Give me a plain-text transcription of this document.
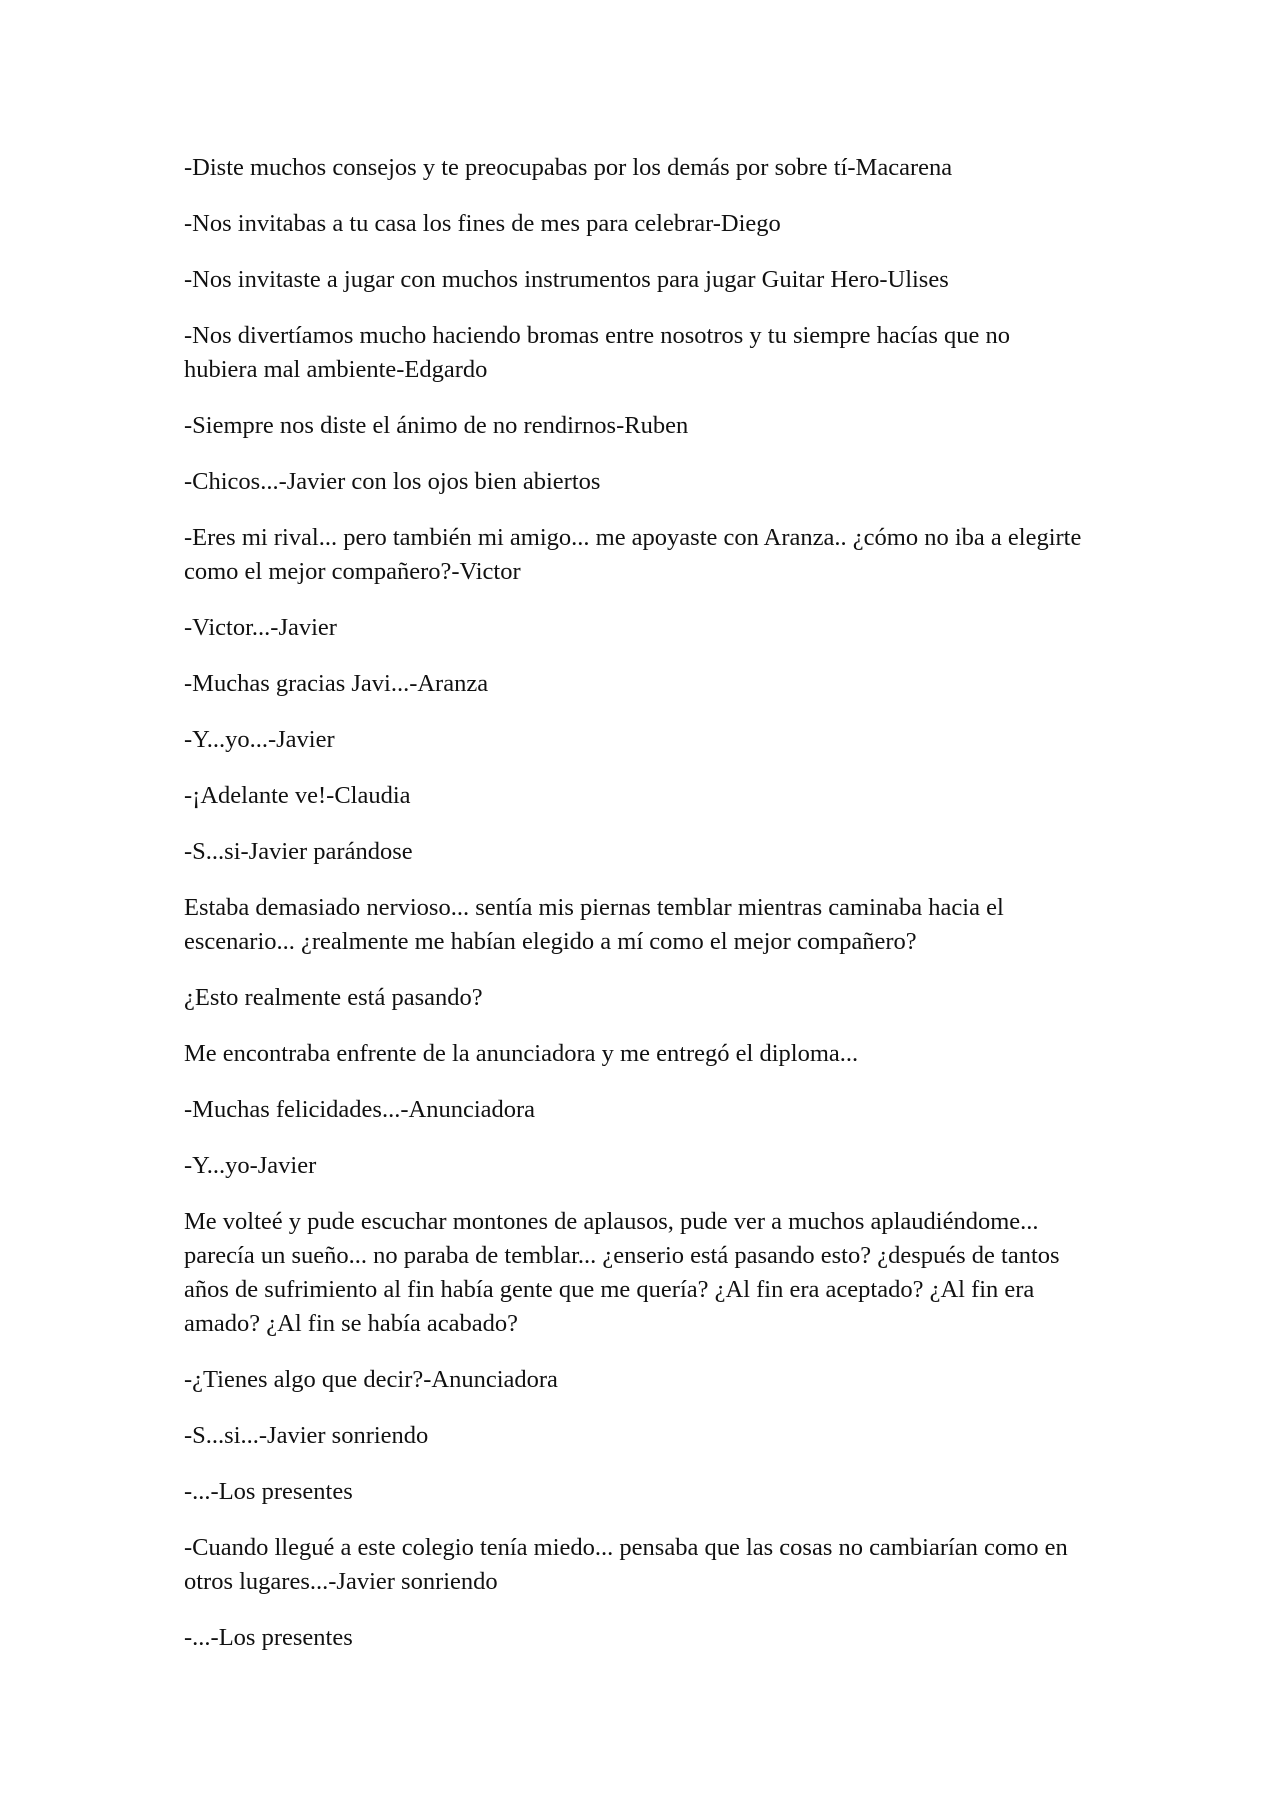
-Diste muchos consejos y te preocupabas por los demás por sobre tí-Macarena

-Nos invitabas a tu casa los fines de mes para celebrar-Diego

-Nos invitaste a jugar con muchos instrumentos para jugar Guitar Hero-Ulises

-Nos divertíamos mucho haciendo bromas entre nosotros y tu siempre hacías que no hubiera mal ambiente-Edgardo

-Siempre nos diste el ánimo de no rendirnos-Ruben

-Chicos...-Javier con los ojos bien abiertos

-Eres mi rival... pero también mi amigo... me apoyaste con Aranza.. ¿cómo no iba a elegirte como el mejor compañero?-Victor

-Victor...-Javier

-Muchas gracias Javi...-Aranza

-Y...yo...-Javier

-¡Adelante ve!-Claudia

-S...si-Javier parándose

Estaba demasiado nervioso... sentía mis piernas temblar mientras caminaba hacia el escenario... ¿realmente me habían elegido a mí como el mejor compañero?

¿Esto realmente está pasando?

Me encontraba enfrente de la anunciadora y me entregó el diploma...

-Muchas felicidades...-Anunciadora

-Y...yo-Javier

Me volteé y pude escuchar montones de aplausos, pude ver a muchos aplaudiéndome... parecía un sueño... no paraba de temblar... ¿enserio está pasando esto? ¿después de tantos años de sufrimiento al fin había gente que me quería? ¿Al fin era aceptado? ¿Al fin era amado? ¿Al fin se había acabado?

-¿Tienes algo que decir?-Anunciadora

-S...si...-Javier sonriendo

-...-Los presentes

-Cuando llegué a este colegio tenía miedo... pensaba que las cosas no cambiarían como en otros lugares...-Javier sonriendo

-...-Los presentes
